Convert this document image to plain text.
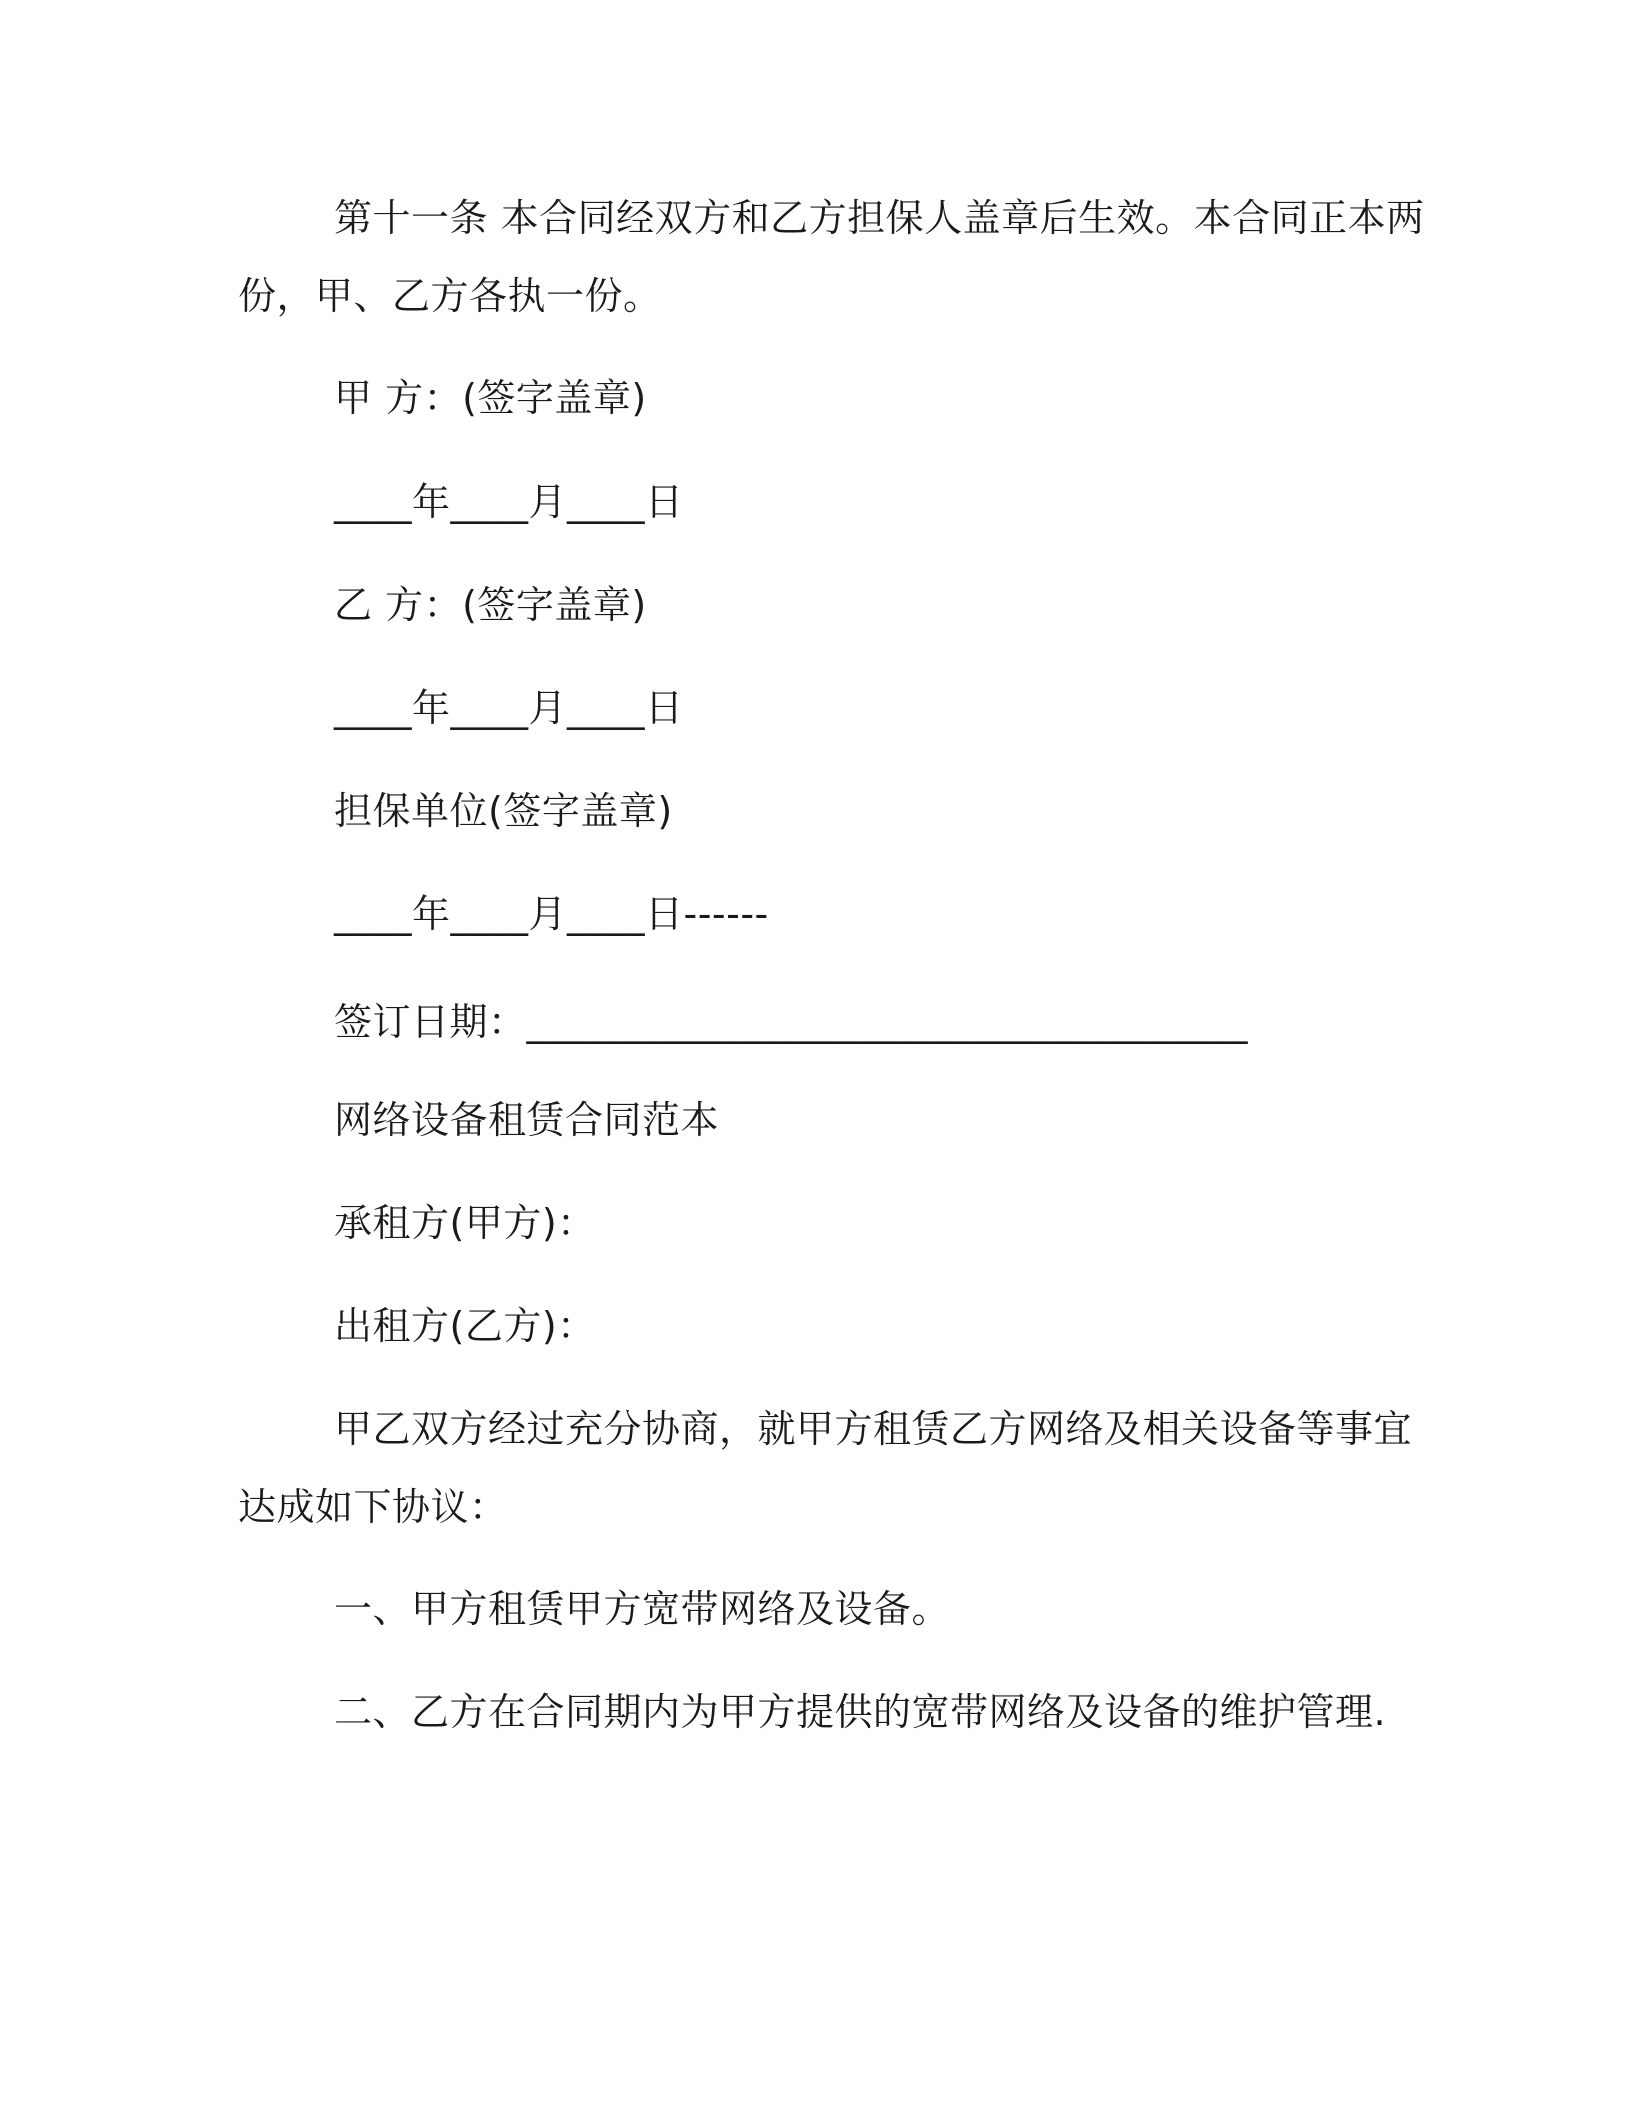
第十一条 本合同经双方和乙方担保人盖章后生效。本合同正本两
份，甲、乙方各执一份。
甲 方：(签字盖章)
____年____月____日
乙 方：(签字盖章)
____年____月____日
担保单位(签字盖章)
____年____月____日------
签订日期：_____________________________________
网络设备租赁合同范本
承租方(甲方)：
出租方(乙方)：
甲乙双方经过充分协商，就甲方租赁乙方网络及相关设备等事宜
达成如下协议：
一、甲方租赁甲方宽带网络及设备。
二、乙方在合同期内为甲方提供的宽带网络及设备的维护管理.
